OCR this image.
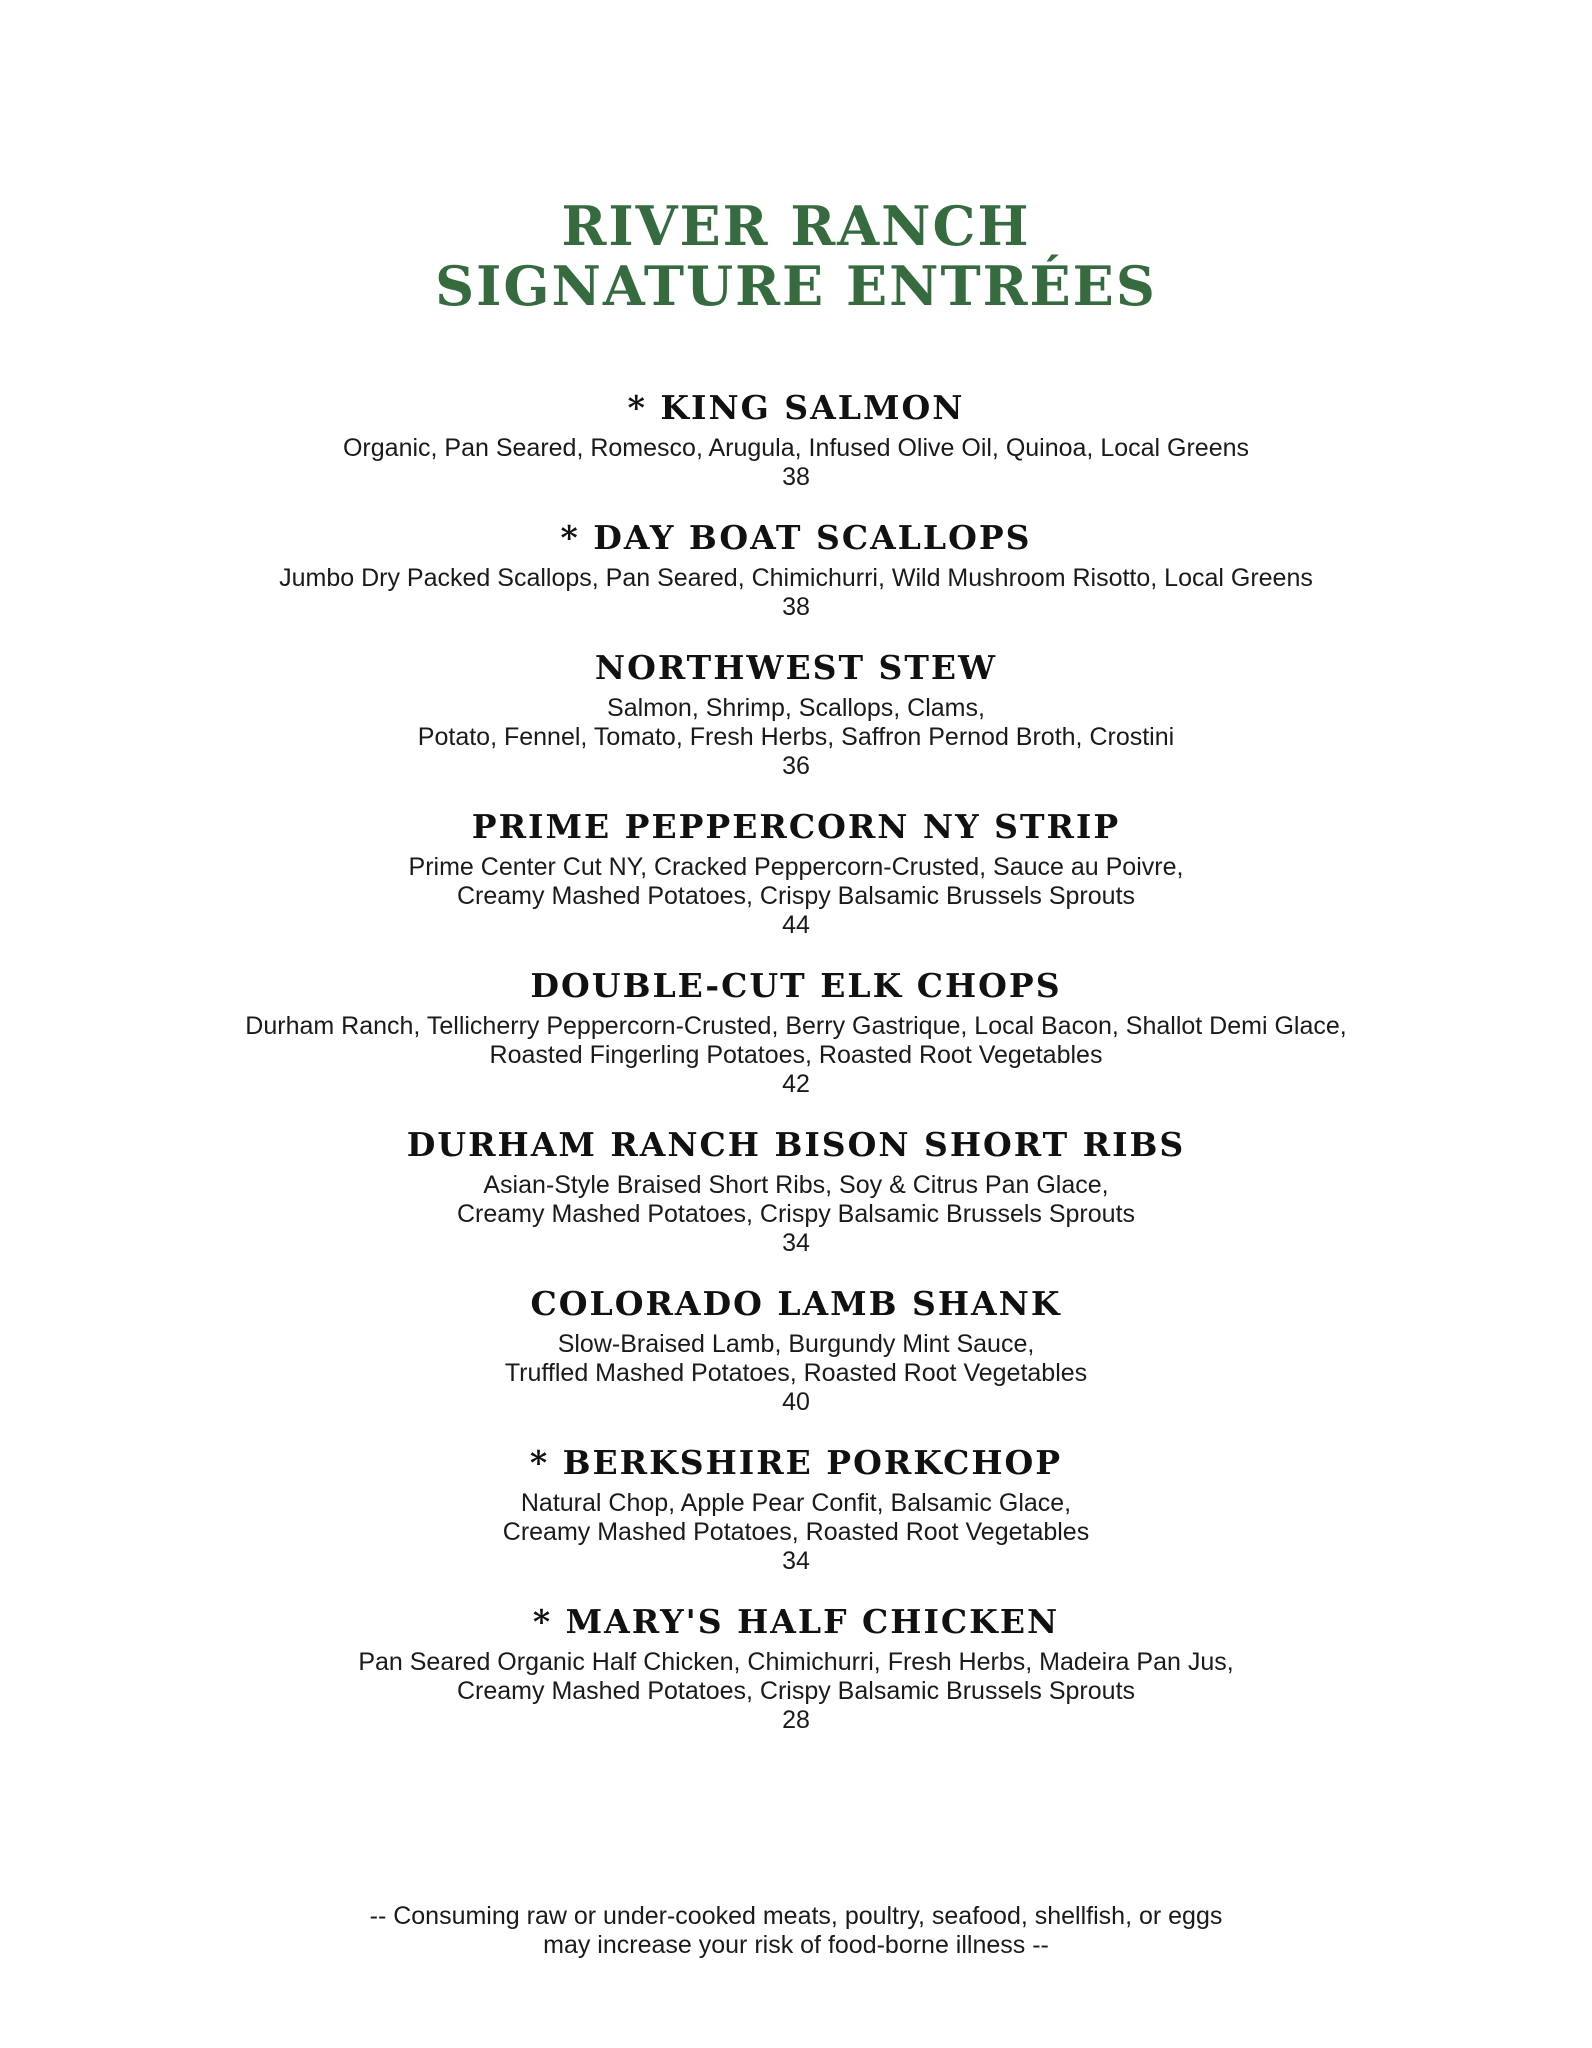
RIVER RANCH
SIGNATURE ENTRÉES
* KING SALMON
Organic, Pan Seared, Romesco, Arugula, Infused Olive Oil, Quinoa, Local Greens
38
* DAY BOAT SCALLOPS
Jumbo Dry Packed Scallops, Pan Seared, Chimichurri, Wild Mushroom Risotto, Local Greens
38
NORTHWEST STEW
Salmon, Shrimp, Scallops, Clams,
Potato, Fennel, Tomato, Fresh Herbs, Saffron Pernod Broth, Crostini
36
PRIME PEPPERCORN NY STRIP
Prime Center Cut NY, Cracked Peppercorn-Crusted, Sauce au Poivre,
Creamy Mashed Potatoes, Crispy Balsamic Brussels Sprouts
44
DOUBLE-CUT ELK CHOPS
Durham Ranch, Tellicherry Peppercorn-Crusted, Berry Gastrique, Local Bacon, Shallot Demi Glace,
Roasted Fingerling Potatoes, Roasted Root Vegetables
42
DURHAM RANCH BISON SHORT RIBS
Asian-Style Braised Short Ribs, Soy & Citrus Pan Glace,
Creamy Mashed Potatoes, Crispy Balsamic Brussels Sprouts
34
COLORADO LAMB SHANK
Slow-Braised Lamb, Burgundy Mint Sauce,
Truffled Mashed Potatoes, Roasted Root Vegetables
40
* BERKSHIRE PORKCHOP
Natural Chop, Apple Pear Confit, Balsamic Glace,
Creamy Mashed Potatoes, Roasted Root Vegetables
34
* MARY'S HALF CHICKEN
Pan Seared Organic Half Chicken, Chimichurri, Fresh Herbs, Madeira Pan Jus,
Creamy Mashed Potatoes, Crispy Balsamic Brussels Sprouts
28
-- Consuming raw or under-cooked meats, poultry, seafood, shellfish, or eggs
may increase your risk of food-borne illness --
